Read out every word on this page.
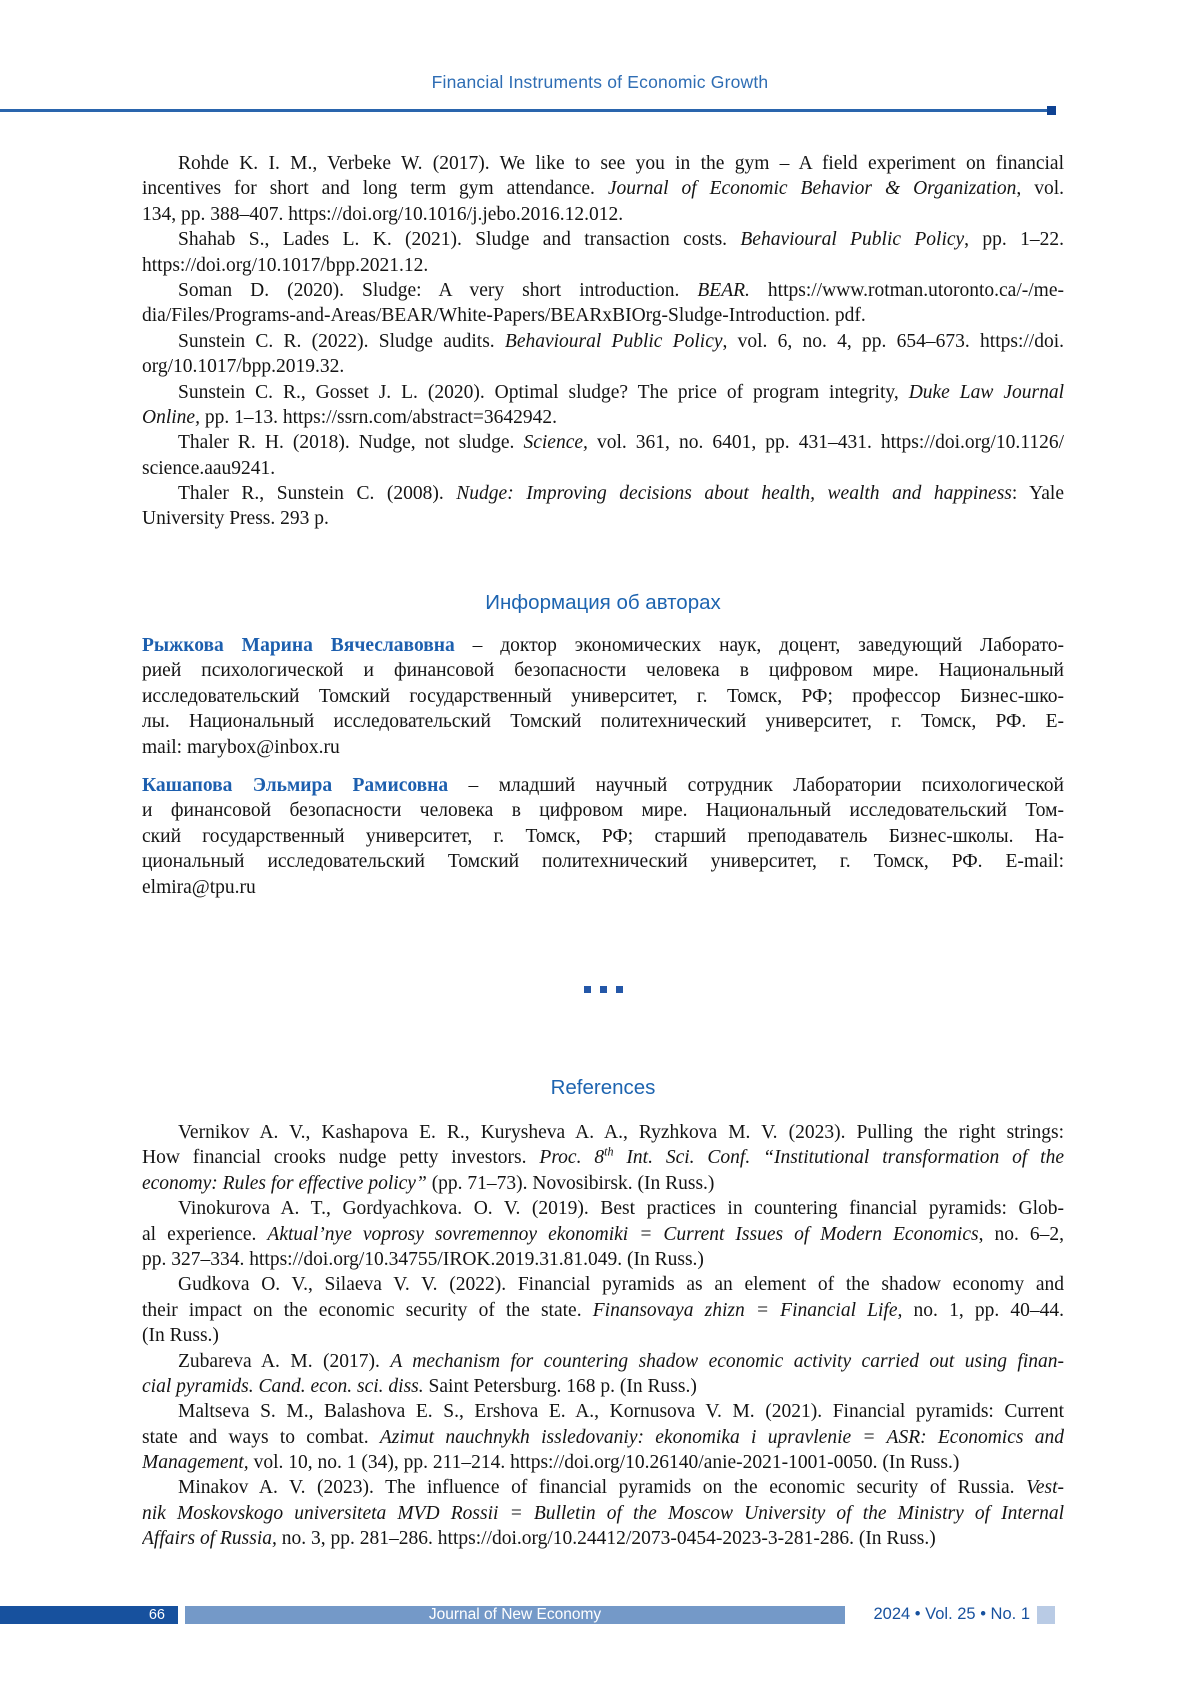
Financial Instruments of Economic Growth
Rohde K. I. M., Verbeke W. (2017). We like to see you in the gym – A field experiment on financial
incentives for short and long term gym attendance. Journal of Economic Behavior & Organization, vol.
134, pp. 388–407. https://doi.org/10.1016/j.jebo.2016.12.012.
Shahab S., Lades L. K. (2021). Sludge and transaction costs. Behavioural Public Policy, pp. 1–22.
https://doi.org/10.1017/bpp.2021.12.
Soman D. (2020). Sludge: A very short introduction. BEAR. https://www.rotman.utoronto.ca/-/me-
dia/Files/Programs-and-Areas/BEAR/White-Papers/BEARxBIOrg-Sludge-Introduction. pdf.
Sunstein C. R. (2022). Sludge audits. Behavioural Public Policy, vol. 6, no. 4, pp. 654–673. https://doi.
org/10.1017/bpp.2019.32.
Sunstein C. R., Gosset J. L. (2020). Optimal sludge? The price of program integrity, Duke Law Journal
Online, pp. 1–13. https://ssrn.com/abstract=3642942.
Thaler R. H. (2018). Nudge, not sludge. Science, vol. 361, no. 6401, pp. 431–431. https://doi.org/10.1126/
science.aau9241.
Thaler R., Sunstein C. (2008). Nudge: Improving decisions about health, wealth and happiness: Yale
University Press. 293 p.
Информация об авторах
Рыжкова Марина Вячеславовна – доктор экономических наук, доцент, заведующий Лаборато-
рией психологической и финансовой безопасности человека в цифровом мире. Национальный
исследовательский Томский государственный университет, г. Томск, РФ; профессор Бизнес-шко-
лы. Национальный исследовательский Томский политехнический университет, г. Томск, РФ. E-
mail: marybox@inbox.ru
Кашапова Эльмира Рамисовна – младший научный сотрудник Лаборатории психологической
и финансовой безопасности человека в цифровом мире. Национальный исследовательский Том-
ский государственный университет, г. Томск, РФ; старший преподаватель Бизнес-школы. На-
циональный исследовательский Томский политехнический университет, г. Томск, РФ. E-mail:
elmira@tpu.ru
References
Vernikov A. V., Kashapova E. R., Kurysheva A. A., Ryzhkova M. V. (2023). Pulling the right strings:
How financial crooks nudge petty investors. Proc. 8th Int. Sci. Conf. “Institutional transformation of the
economy: Rules for effective policy” (pp. 71–73). Novosibirsk. (In Russ.)
Vinokurova A. T., Gordyachkova. O. V. (2019). Best practices in countering financial pyramids: Glob-
al experience. Aktual’nye voprosy sovremennoy ekonomiki = Current Issues of Modern Economics, no. 6–2,
pp. 327–334. https://doi.org/10.34755/IROK.2019.31.81.049. (In Russ.)
Gudkova O. V., Silaeva V. V. (2022). Financial pyramids as an element of the shadow economy and
their impact on the economic security of the state. Finansovaya zhizn = Financial Life, no. 1, pp. 40–44.
(In Russ.)
Zubareva A. M. (2017). A mechanism for countering shadow economic activity carried out using finan-
cial pyramids. Cand. econ. sci. diss. Saint Petersburg. 168 p. (In Russ.)
Maltseva S. M., Balashova E. S., Ershova E. A., Kornusova V. M. (2021). Financial pyramids: Current
state and ways to combat. Azimut nauchnykh issledovaniy: ekonomika i upravlenie = ASR: Economics and
Management, vol. 10, no. 1 (34), pp. 211–214. https://doi.org/10.26140/anie-2021-1001-0050. (In Russ.)
Minakov A. V. (2023). The influence of financial pyramids on the economic security of Russia. Vest-
nik Moskovskogo universiteta MVD Rossii = Bulletin of the Moscow University of the Ministry of Internal
Affairs of Russia, no. 3, pp. 281–286. https://doi.org/10.24412/2073-0454-2023-3-281-286. (In Russ.)
66	Journal of New Economy	2024 • Vol. 25 • No. 1
